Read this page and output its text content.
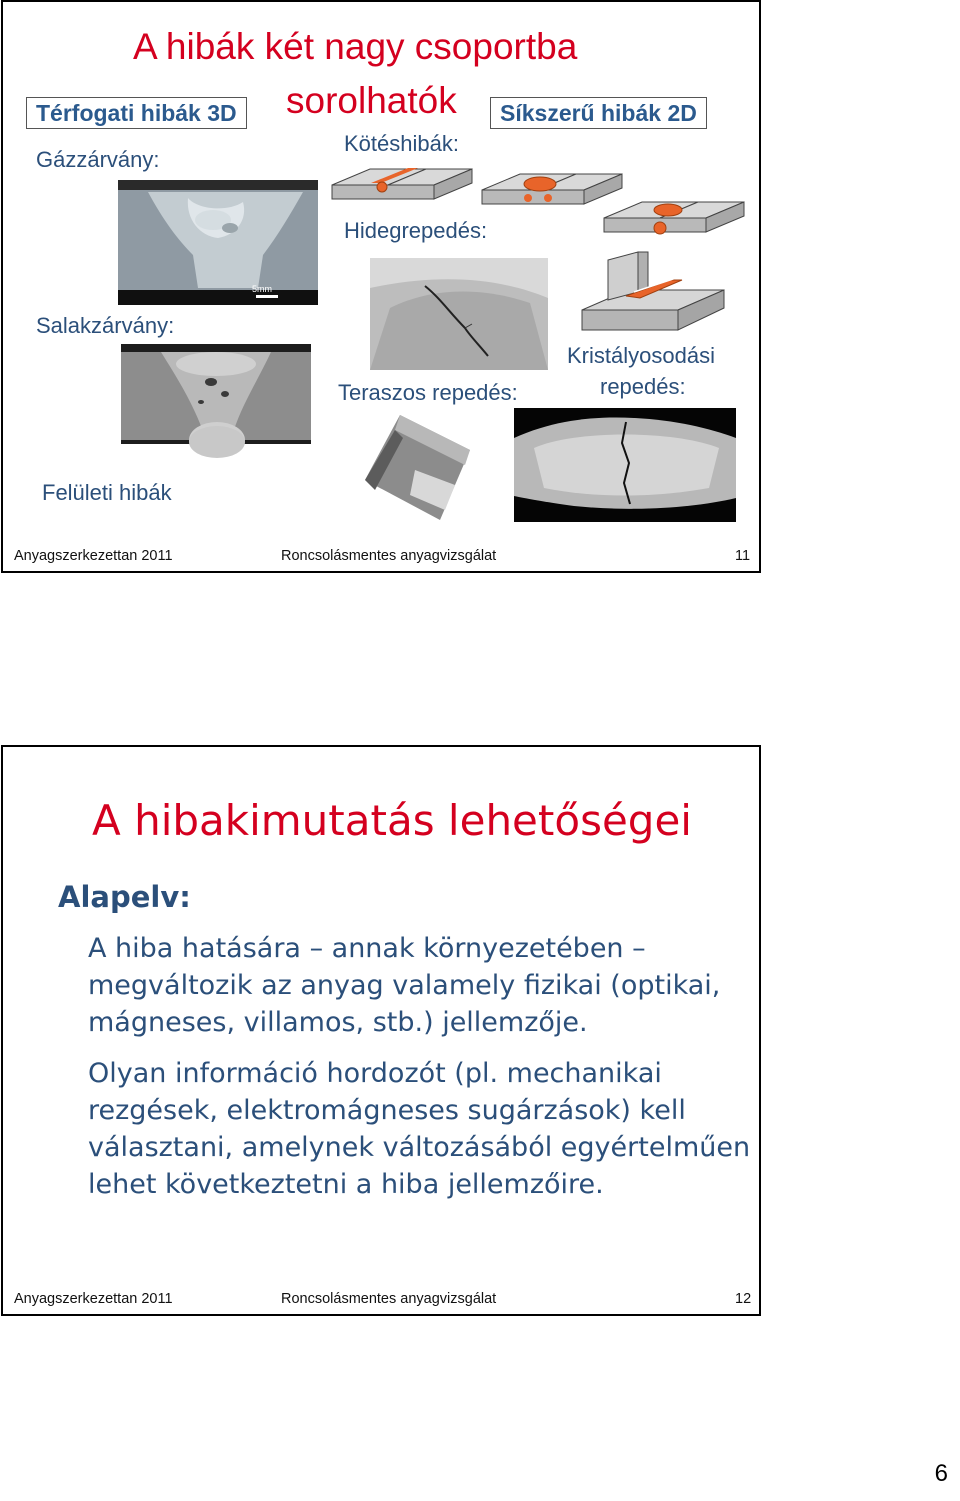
A hibák két nagy csoportba
sorolhatók
Térfogati hibák 3D	Síkszerű hibák 2D
Gázzárvány:
Kötéshibák:
Hidegrepedés:
Salakzárvány:
Kristályosodási
repedés:
Teraszos repedés:
Felületi hibák
5mm
Anyagszerkezettan 2011	Roncsolásmentes anyagvizsgálat	11
A hibakimutatás lehetőségei
Alapelv:
A hiba hatására – annak környezetében –
megváltozik az anyag valamely fizikai (optikai,
mágneses, villamos, stb.) jellemzője.
Olyan információ hordozót (pl. mechanikai
rezgések, elektromágneses sugárzások) kell
választani, amelynek változásából egyértelműen
lehet következtetni a hiba jellemzőire.
Anyagszerkezettan 2011	Roncsolásmentes anyagvizsgálat	12
6
